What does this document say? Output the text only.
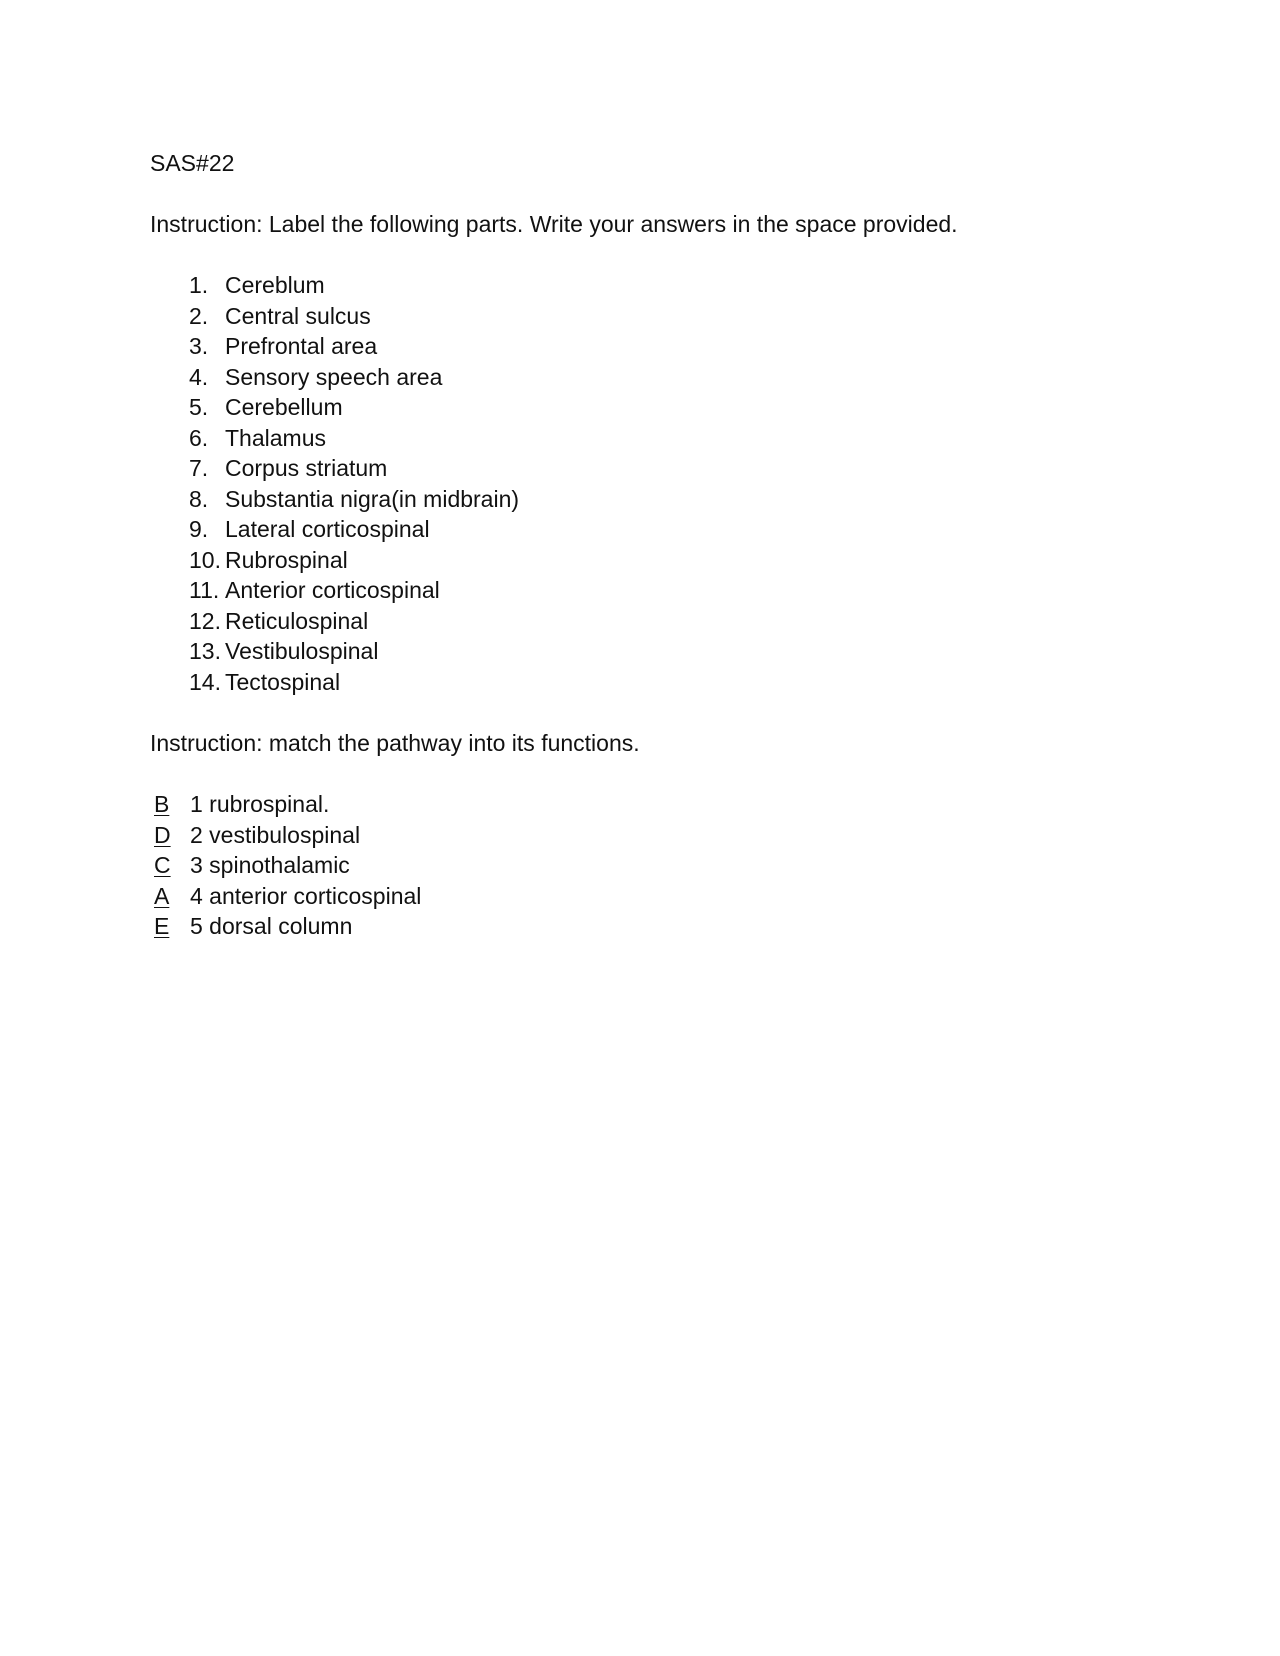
SAS#22

Instruction: Label the following parts. Write your answers in the space provided.

1. Cereblum
2. Central sulcus
3. Prefrontal area
4. Sensory speech area
5. Cerebellum
6. Thalamus
7. Corpus striatum
8. Substantia nigra(in midbrain)
9. Lateral corticospinal
10. Rubrospinal
11. Anterior corticospinal
12. Reticulospinal
13. Vestibulospinal
14. Tectospinal

Instruction: match the pathway into its functions.

B 1 rubrospinal.
D 2 vestibulospinal
C 3 spinothalamic
A 4 anterior corticospinal
E 5 dorsal column
